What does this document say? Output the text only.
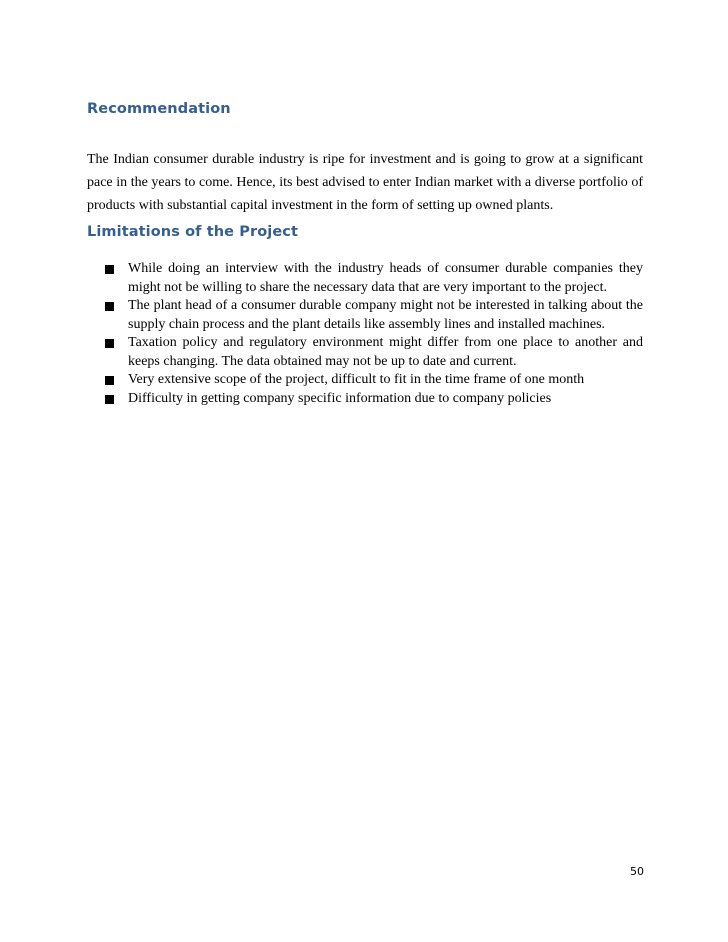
Recommendation

The Indian consumer durable industry is ripe for investment and is going to grow at a significant pace in the years to come. Hence, its best advised to enter Indian market with a diverse portfolio of products with substantial capital investment in the form of setting up owned plants.

Limitations of the Project
While doing an interview with the industry heads of consumer durable companies they might not be willing to share the necessary data that are very important to the project.
The plant head of a consumer durable company might not be interested in talking about the supply chain process and the plant details like assembly lines and installed machines.
Taxation policy and regulatory environment might differ from one place to another and keeps changing. The data obtained may not be up to date and current.
Very extensive scope of the project, difficult to fit in the time frame of one month
Difficulty in getting company specific information due to company policies
50
